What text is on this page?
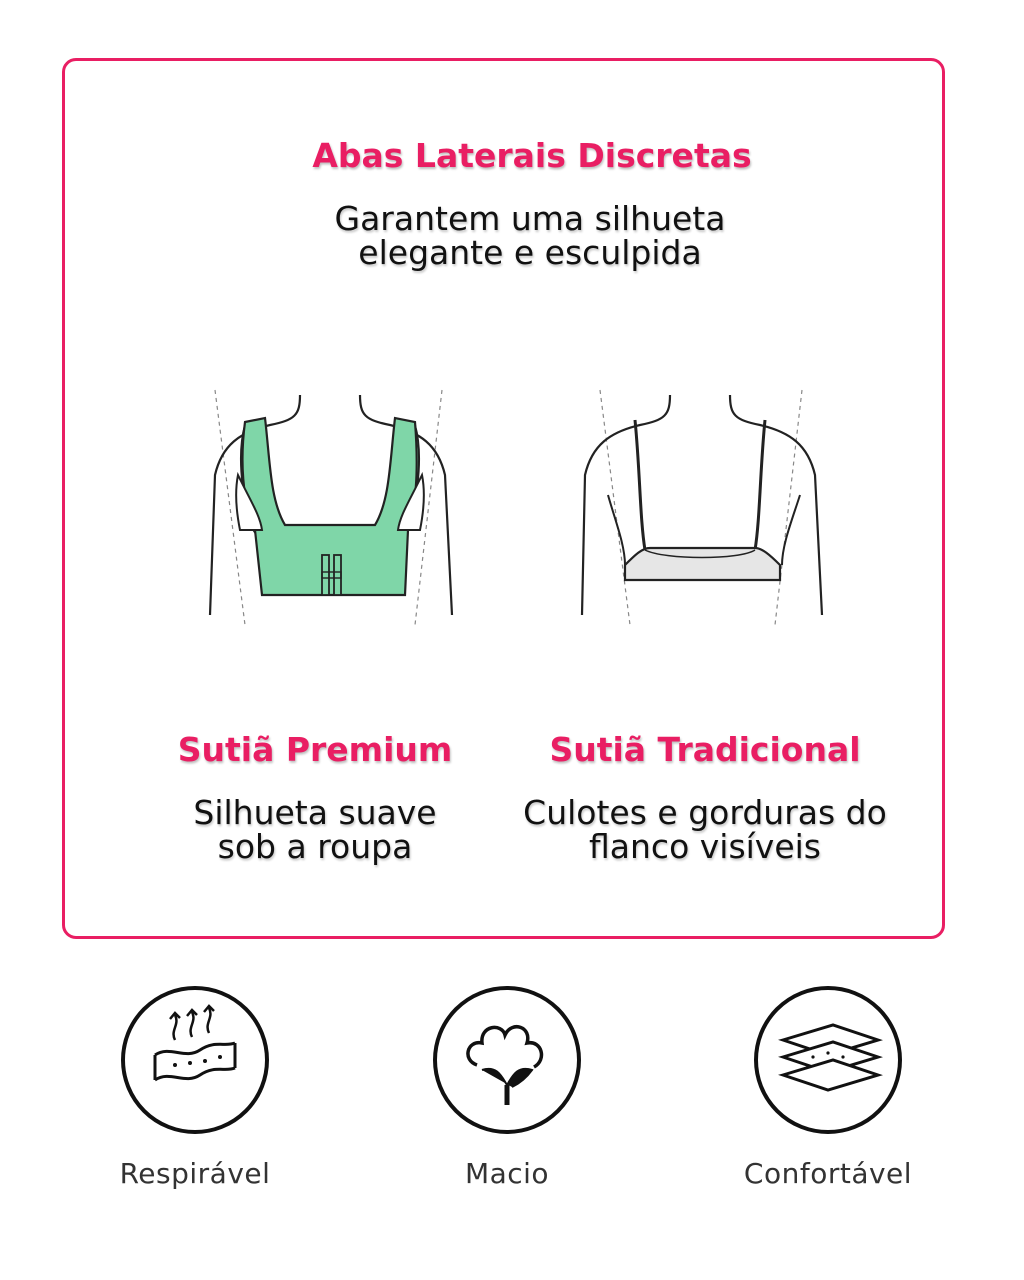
Abas Laterais Discretas
Garantem uma silhueta
elegante e esculpida
Sutiã Premium
Silhueta suave
sob a roupa
Sutiã Tradicional
Culotes e gorduras do
flanco visíveis
Respirável	Macio	Confortável
